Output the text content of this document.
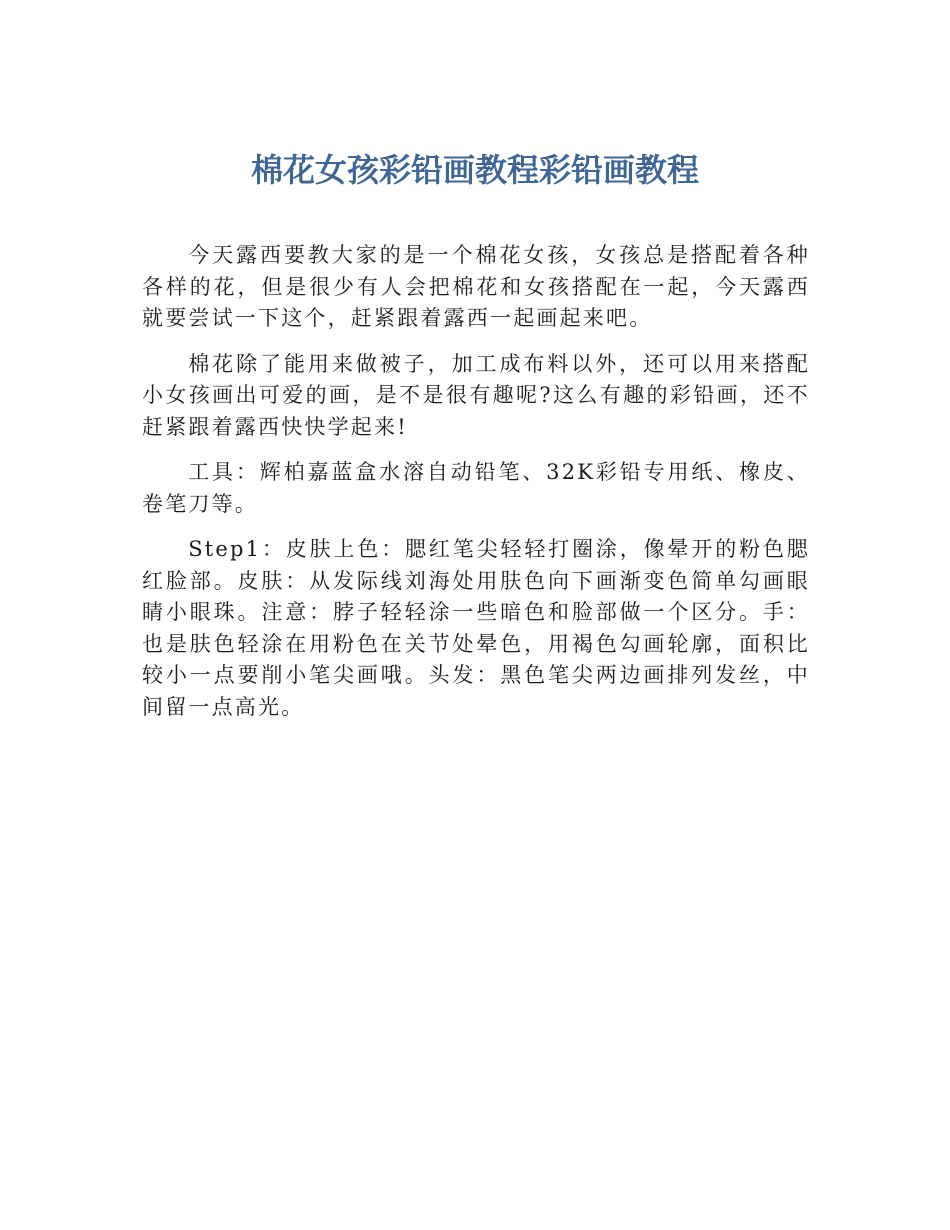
棉花女孩彩铅画教程彩铅画教程

今天露西要教大家的是一个棉花女孩，女孩总是搭配着各种各样的花，但是很少有人会把棉花和女孩搭配在一起，今天露西就要尝试一下这个，赶紧跟着露西一起画起来吧。

棉花除了能用来做被子，加工成布料以外，还可以用来搭配小女孩画出可爱的画，是不是很有趣呢?这么有趣的彩铅画，还不赶紧跟着露西快快学起来!

工具：辉柏嘉蓝盒水溶自动铅笔、32K彩铅专用纸、橡皮、卷笔刀等。

Step1：皮肤上色：腮红笔尖轻轻打圈涂，像晕开的粉色腮红脸部。皮肤：从发际线刘海处用肤色向下画渐变色简单勾画眼睛小眼珠。注意：脖子轻轻涂一些暗色和脸部做一个区分。手：也是肤色轻涂在用粉色在关节处晕色，用褐色勾画轮廓，面积比较小一点要削小笔尖画哦。头发：黑色笔尖两边画排列发丝，中间留一点高光。
